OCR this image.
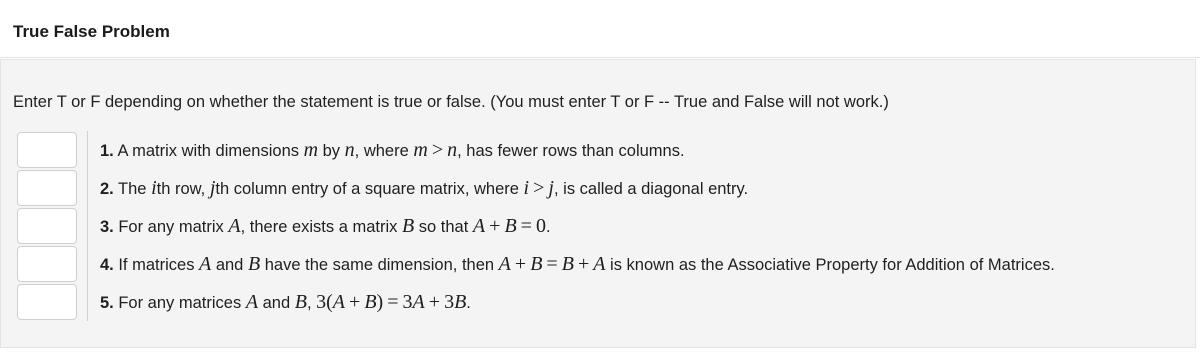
True False Problem
Enter T or F depending on whether the statement is true or false. (You must enter T or F -- True and False will not work.)
1. A matrix with dimensions m by n, where m  >  n, has fewer rows than columns.
2. The ith row, jth column entry of a square matrix, where i  >  j, is called a diagonal entry.
3. For any matrix A, there exists a matrix B so that A  +  B  =  0.
4. If matrices A and B have the same dimension, then A  +  B  =  B  +  A is known as the Associative Property for Addition of Matrices.
5. For any matrices A and B, 3(A  +  B)  =  3A  +  3B.
